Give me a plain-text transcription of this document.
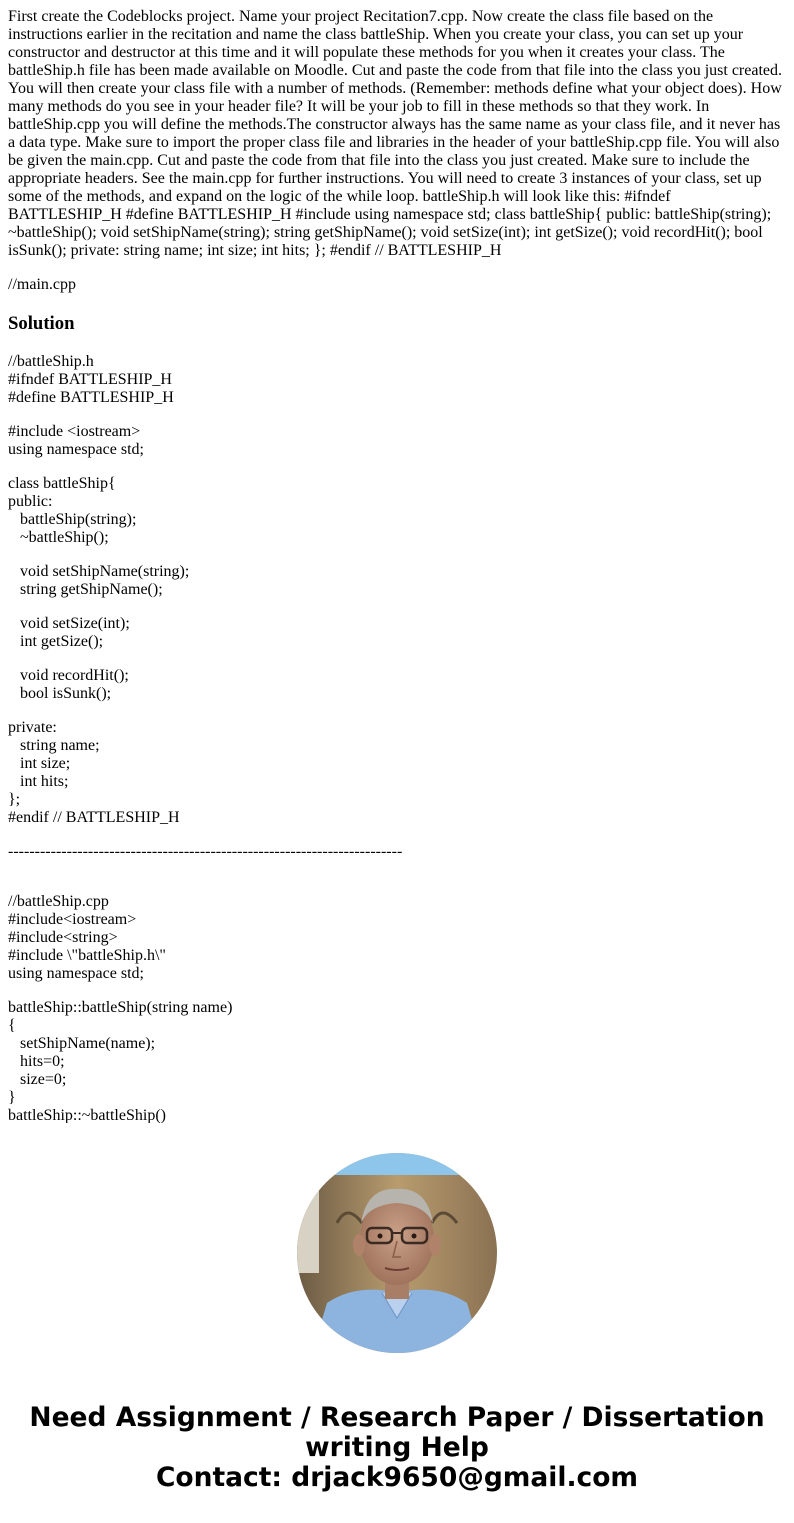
First create the Codeblocks project. Name your project Recitation7.cpp. Now create the class file based on the instructions earlier in the recitation and name the class battleShip. When you create your class, you can set up your constructor and destructor at this time and it will populate these methods for you when it creates your class. The battleShip.h file has been made available on Moodle. Cut and paste the code from that file into the class you just created. You will then create your class file with a number of methods. (Remember: methods define what your object does). How many methods do you see in your header file? It will be your job to fill in these methods so that they work. In battleShip.cpp you will define the methods.The constructor always has the same name as your class file, and it never has a data type. Make sure to import the proper class file and libraries in the header of your battleShip.cpp file. You will also be given the main.cpp. Cut and paste the code from that file into the class you just created. Make sure to include the appropriate headers. See the main.cpp for further instructions. You will need to create 3 instances of your class, set up some of the methods, and expand on the logic of the while loop. battleShip.h will look like this: #ifndef BATTLESHIP_H #define BATTLESHIP_H #include using namespace std; class battleShip{ public: battleShip(string); ~battleShip(); void setShipName(string); string getShipName(); void setSize(int); int getSize(); void recordHit(); bool isSunk(); private: string name; int size; int hits; }; #endif // BATTLESHIP_H

//main.cpp

Solution
//battleShip.h
#ifndef BATTLESHIP_H
#define BATTLESHIP_H
#include <iostream>
using namespace std;
class battleShip{
public:
battleShip(string);
~battleShip();
void setShipName(string);
string getShipName();
void setSize(int);
int getSize();
void recordHit();
bool isSunk();
private:
string name;
int size;
int hits;
};
#endif // BATTLESHIP_H
--------------------------------------------------------------------------
//battleShip.cpp
#include<iostream>
#include<string>
#include \"battleShip.h\"
using namespace std;
battleShip::battleShip(string name)
{
setShipName(name);
hits=0;
size=0;
}
battleShip::~battleShip()
Need Assignment / Research Paper / Dissertation
writing Help
Contact: drjack9650@gmail.com
